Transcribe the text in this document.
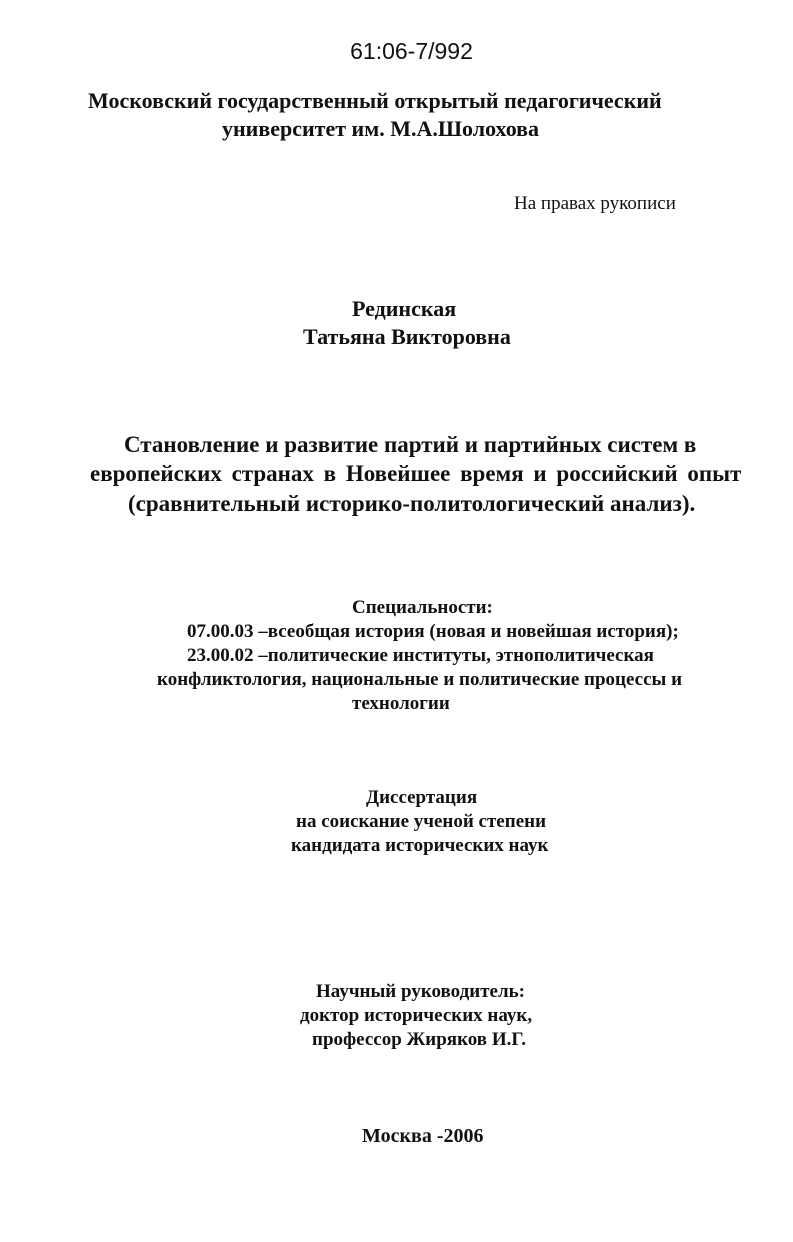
61:06-7/992
Московский государственный открытый педагогический
университет им. М.А.Шолохова
На правах рукописи
Рединская
Татьяна Викторовна
Становление и развитие партий и партийных систем в
европейских странах в Новейшее время и российский опыт
(сравнительный историко-политологический анализ).
Специальности:
07.00.03 –всеобщая история (новая и новейшая история);
23.00.02 –политические институты, этнополитическая
конфликтология, национальные и политические процессы и
технологии
Диссертация
на соискание ученой степени
кандидата исторических наук
Научный руководитель:
доктор исторических наук,
профессор Жиряков И.Г.
Москва -2006
